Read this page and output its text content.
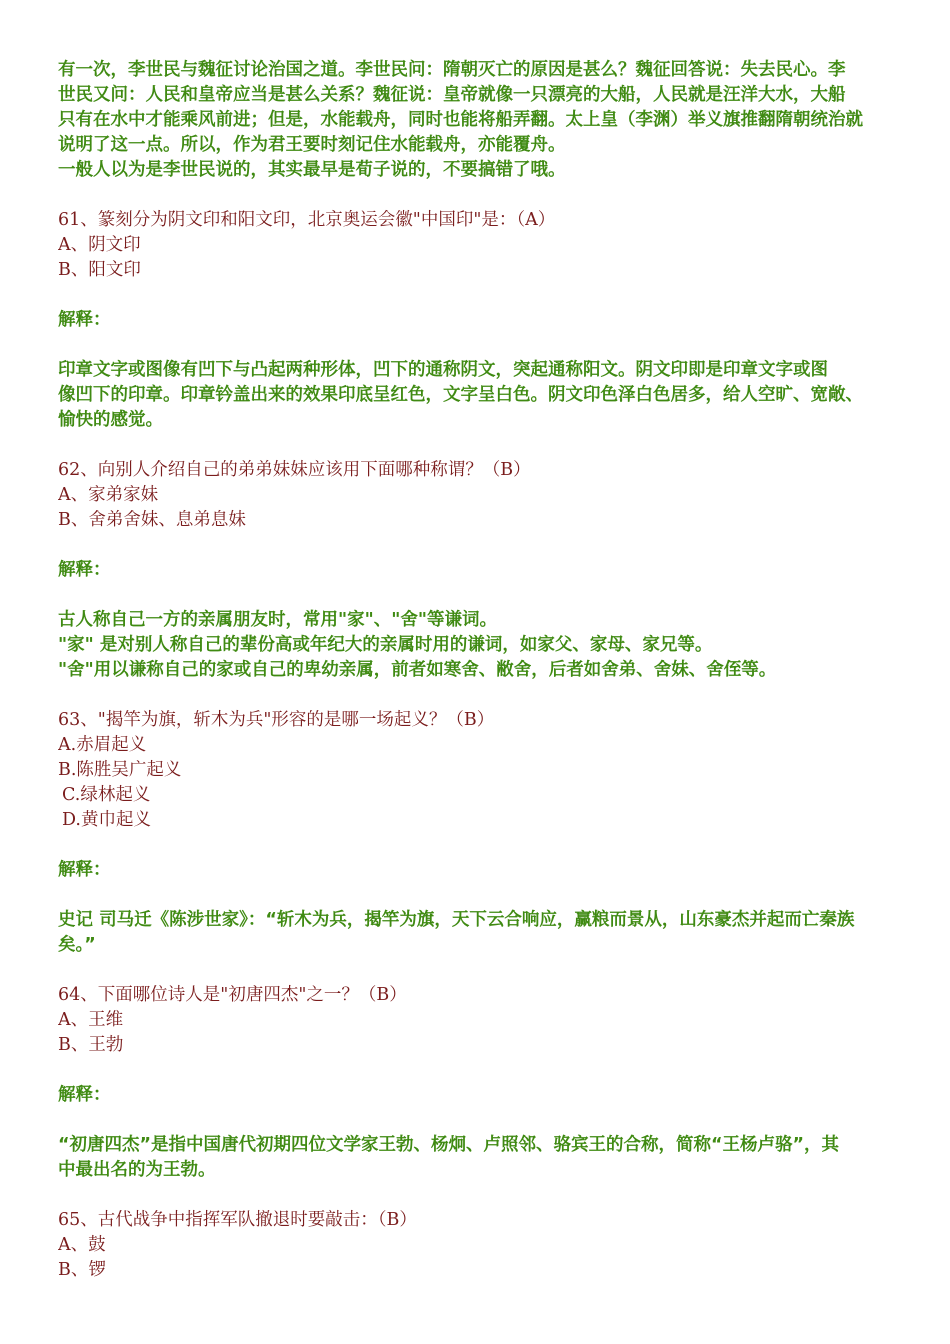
有一次，李世民与魏征讨论治国之道。李世民问：隋朝灭亡的原因是甚么？魏征回答说：失去民心。李
世民又问：人民和皇帝应当是甚么关系？魏征说：皇帝就像一只漂亮的大船，人民就是汪洋大水，大船
只有在水中才能乘风前进；但是，水能载舟，同时也能将船弄翻。太上皇（李渊）举义旗推翻隋朝统治就
说明了这一点。所以，作为君王要时刻记住水能载舟，亦能覆舟。
一般人以为是李世民说的，其实最早是荀子说的，不要搞错了哦。
61、篆刻分为阴文印和阳文印，北京奥运会徽"中国印"是：（A）
A、阴文印
B、阳文印
解释：
印章文字或图像有凹下与凸起两种形体，凹下的通称阴文，突起通称阳文。阴文印即是印章文字或图
像凹下的印章。印章钤盖出来的效果印底呈红色，文字呈白色。阴文印色泽白色居多，给人空旷、宽敞、
愉快的感觉。
62、向别人介绍自己的弟弟妹妹应该用下面哪种称谓？（B）
A、家弟家妹
B、舍弟舍妹、息弟息妹
解释：
古人称自己一方的亲属朋友时，常用"家"、"舍"等谦词。
"家" 是对别人称自己的辈份高或年纪大的亲属时用的谦词，如家父、家母、家兄等。
"舍"用以谦称自己的家或自己的卑幼亲属，前者如寒舍、敝舍，后者如舍弟、舍妹、舍侄等。
63、"揭竿为旗，斩木为兵"形容的是哪一场起义？（B）
A.赤眉起义
B.陈胜吴广起义
C.绿林起义
D.黄巾起义
解释：
史记 司马迁《陈涉世家》：“斩木为兵，揭竿为旗，天下云合响应，赢粮而景从，山东豪杰并起而亡秦族
矣。”
64、下面哪位诗人是"初唐四杰"之一？（B）
A、王维
B、王勃
解释：
“初唐四杰”是指中国唐代初期四位文学家王勃、杨炯、卢照邻、骆宾王的合称，简称“王杨卢骆”，其
中最出名的为王勃。
65、古代战争中指挥军队撤退时要敲击：（B）
A、鼓
B、锣
